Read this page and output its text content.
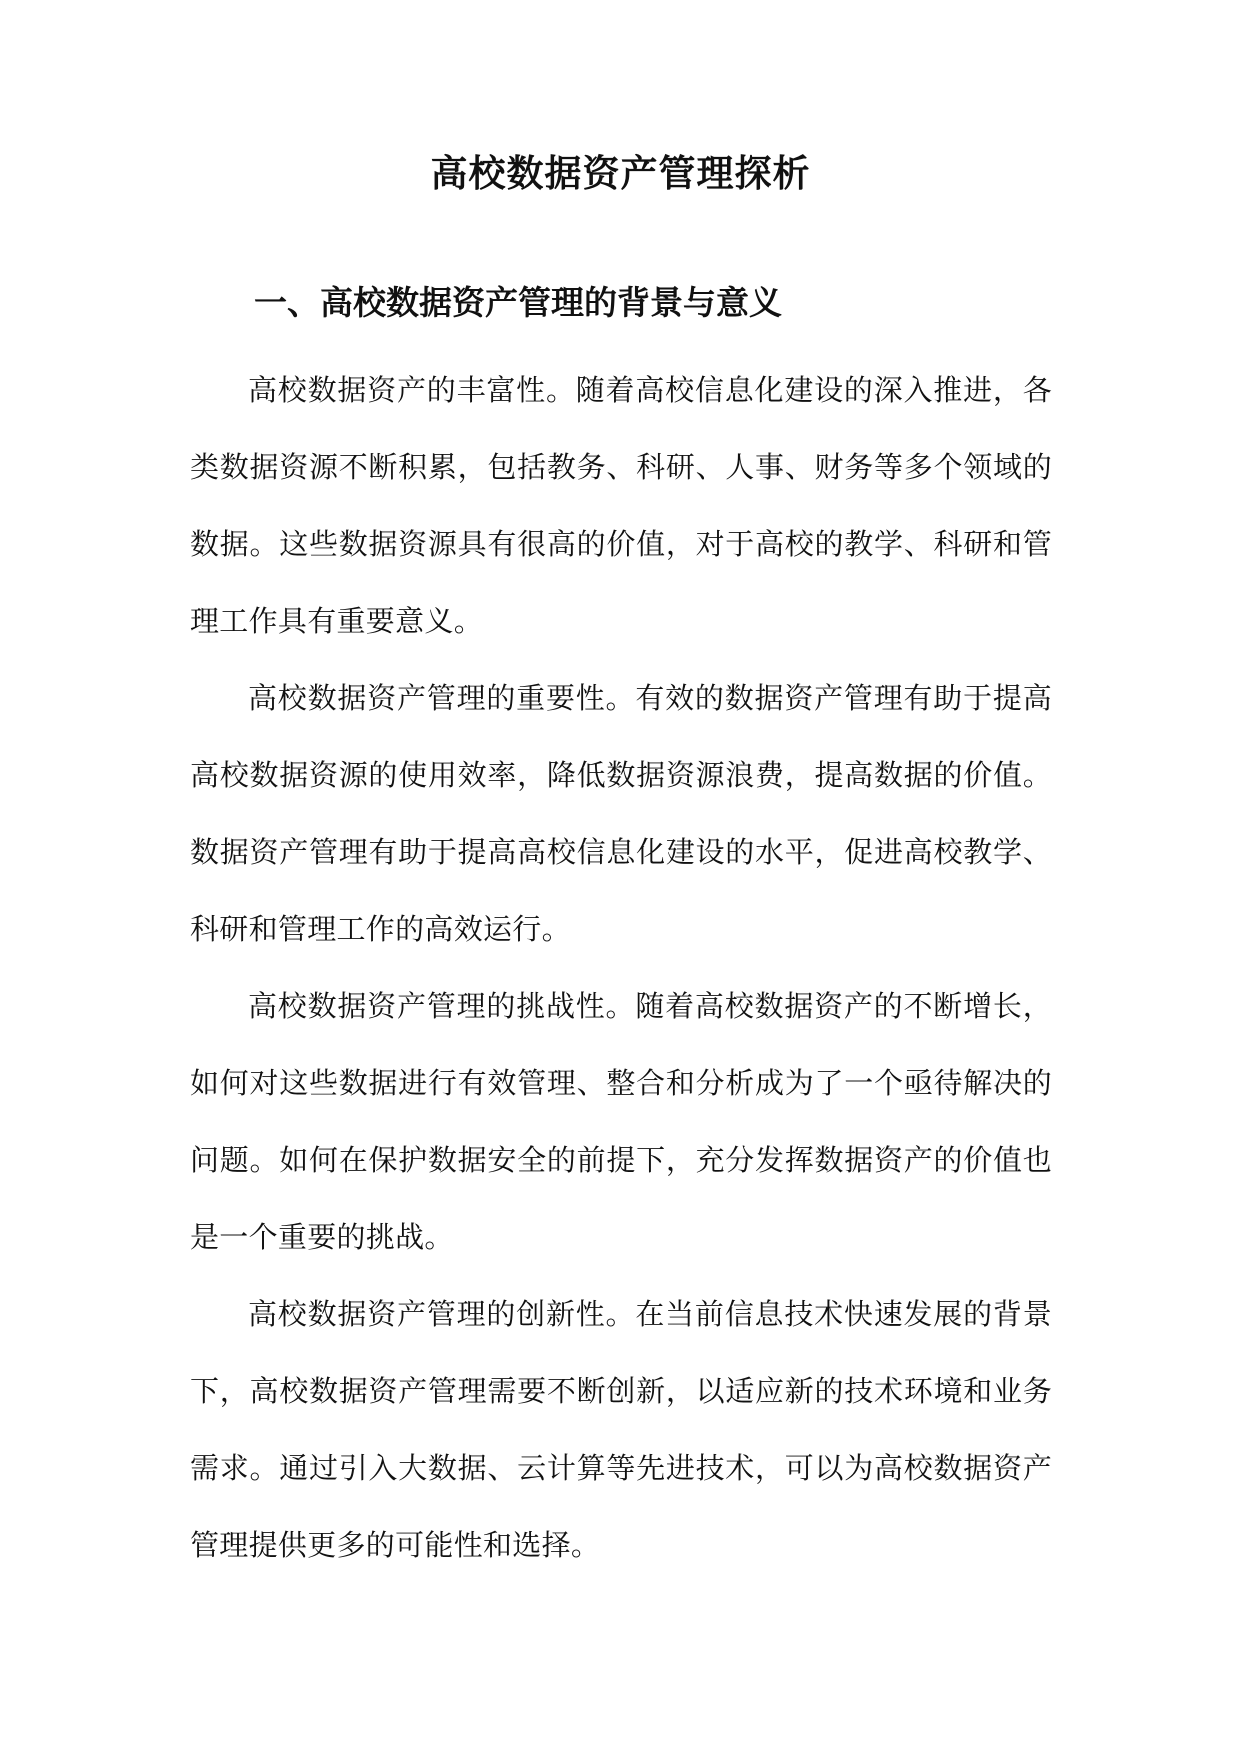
高校数据资产管理探析
一、高校数据资产管理的背景与意义

高校数据资产的丰富性。随着高校信息化建设的深入推进，各类数据资源不断积累，包括教务、科研、人事、财务等多个领域的数据。这些数据资源具有很高的价值，对于高校的教学、科研和管理工作具有重要意义。

高校数据资产管理的重要性。有效的数据资产管理有助于提高高校数据资源的使用效率，降低数据资源浪费，提高数据的价值。数据资产管理有助于提高高校信息化建设的水平，促进高校教学、科研和管理工作的高效运行。

高校数据资产管理的挑战性。随着高校数据资产的不断增长，如何对这些数据进行有效管理、整合和分析成为了一个亟待解决的问题。如何在保护数据安全的前提下，充分发挥数据资产的价值也是一个重要的挑战。

高校数据资产管理的创新性。在当前信息技术快速发展的背景下，高校数据资产管理需要不断创新，以适应新的技术环境和业务需求。通过引入大数据、云计算等先进技术，可以为高校数据资产管理提供更多的可能性和选择。
